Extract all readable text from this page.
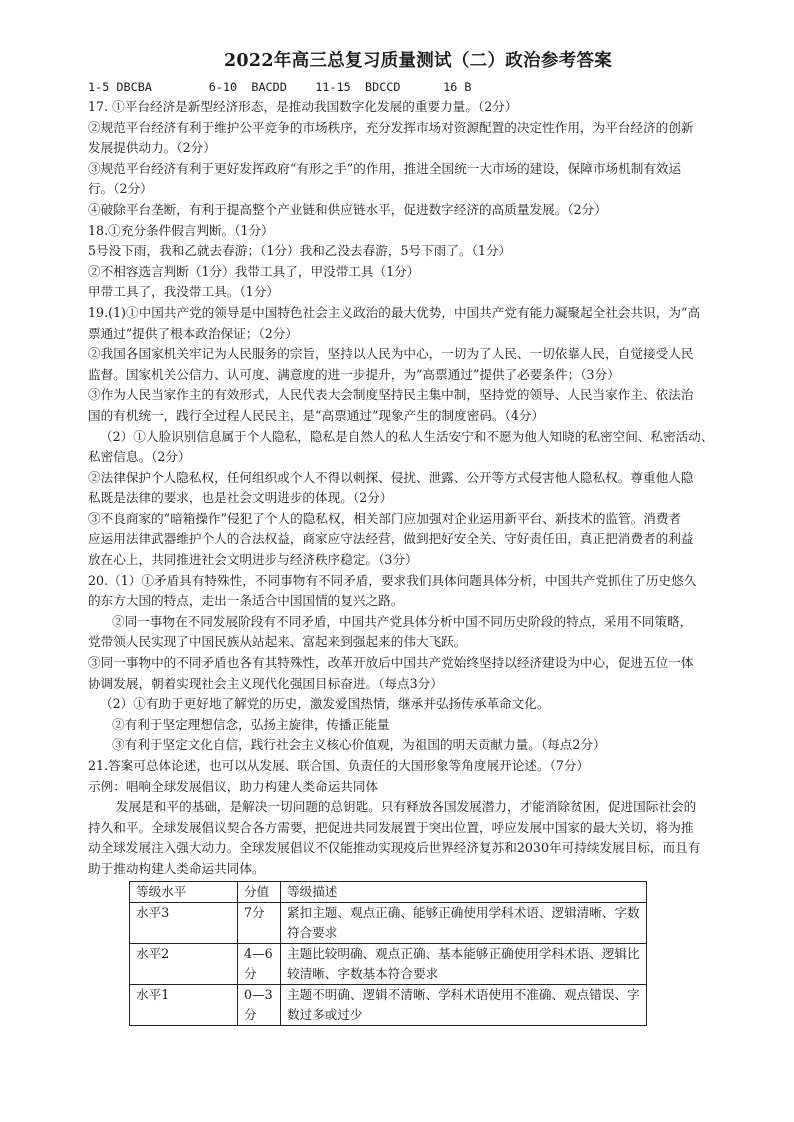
2022年高三总复习质量测试（二）政治参考答案
1-5 DBCBA        6-10  BACDD    11-15  BDCCD      16 B
17. ①平台经济是新型经济形态，是推动我国数字化发展的重要力量。（2分）
②规范平台经济有利于维护公平竞争的市场秩序，充分发挥市场对资源配置的决定性作用，为平台经济的创新
发展提供动力。（2分）
③规范平台经济有利于更好发挥政府“有形之手”的作用，推进全国统一大市场的建设，保障市场机制有效运
行。（2分）
④破除平台垄断，有利于提高整个产业链和供应链水平，促进数字经济的高质量发展。（2分）
18.①充分条件假言判断。（1分）
5号没下雨，我和乙就去春游；（1分）我和乙没去春游，5号下雨了。（1分）
②不相容选言判断（1分）我带工具了，甲没带工具（1分）
甲带工具了，我没带工具。（1分）
19.(1)①中国共产党的领导是中国特色社会主义政治的最大优势，中国共产党有能力凝聚起全社会共识，为“高
票通过”提供了根本政治保证；（2分）
②我国各国家机关牢记为人民服务的宗旨，坚持以人民为中心，一切为了人民、一切依靠人民，自觉接受人民
监督。国家机关公信力、认可度、满意度的进一步提升，为“高票通过”提供了必要条件；（3分）
③作为人民当家作主的有效形式，人民代表大会制度坚持民主集中制，坚持党的领导、人民当家作主、依法治
国的有机统一，践行全过程人民民主，是“高票通过”现象产生的制度密码。（4分）
（2）①人脸识别信息属于个人隐私，隐私是自然人的私人生活安宁和不愿为他人知晓的私密空间、私密活动、
私密信息。（2分）
②法律保护个人隐私权，任何组织或个人不得以刺探、侵扰、泄露、公开等方式侵害他人隐私权。尊重他人隐
私既是法律的要求，也是社会文明进步的体现。（2分）
③不良商家的“暗箱操作”侵犯了个人的隐私权，相关部门应加强对企业运用新平台、新技术的监管。消费者
应运用法律武器维护个人的合法权益，商家应守法经营，做到把好安全关、守好责任田，真正把消费者的利益
放在心上，共同推进社会文明进步与经济秩序稳定。（3分）
20.（1）①矛盾具有特殊性，不同事物有不同矛盾，要求我们具体问题具体分析，中国共产党抓住了历史悠久
的东方大国的特点，走出一条适合中国国情的复兴之路。
②同一事物在不同发展阶段有不同矛盾，中国共产党具体分析中国不同历史阶段的特点，采用不同策略，
党带领人民实现了中国民族从站起来、富起来到强起来的伟大飞跃。
③同一事物中的不同矛盾也各有其特殊性，改革开放后中国共产党始终坚持以经济建设为中心，促进五位一体
协调发展，朝着实现社会主义现代化强国目标奋进。（每点3分）
（2）①有助于更好地了解党的历史，激发爱国热情，继承并弘扬传承革命文化。
②有利于坚定理想信念，弘扬主旋律，传播正能量
③有利于坚定文化自信，践行社会主义核心价值观，为祖国的明天贡献力量。（每点2分）
21.答案可总体论述，也可以从发展、联合国、负责任的大国形象等角度展开论述。（7分）
示例：唱响全球发展倡议，助力构建人类命运共同体
发展是和平的基础，是解决一切问题的总钥匙。只有释放各国发展潜力，才能消除贫困，促进国际社会的
持久和平。全球发展倡议契合各方需要，把促进共同发展置于突出位置，呼应发展中国家的最大关切，将为推
动全球发展注入强大动力。全球发展倡议不仅能推动实现疫后世界经济复苏和2030年可持续发展目标，而且有
助于推动构建人类命运共同体。
等级水平	分值	等级描述
水平3	7分	紧扣主题、观点正确、能够正确使用学科术语、逻辑清晰、字数符合要求
水平2	4—6分	主题比较明确、观点正确、基本能够正确使用学科术语、逻辑比较清晰、字数基本符合要求
水平1	0—3分	主题不明确、逻辑不清晰、学科术语使用不准确、观点错误、字数过多或过少
